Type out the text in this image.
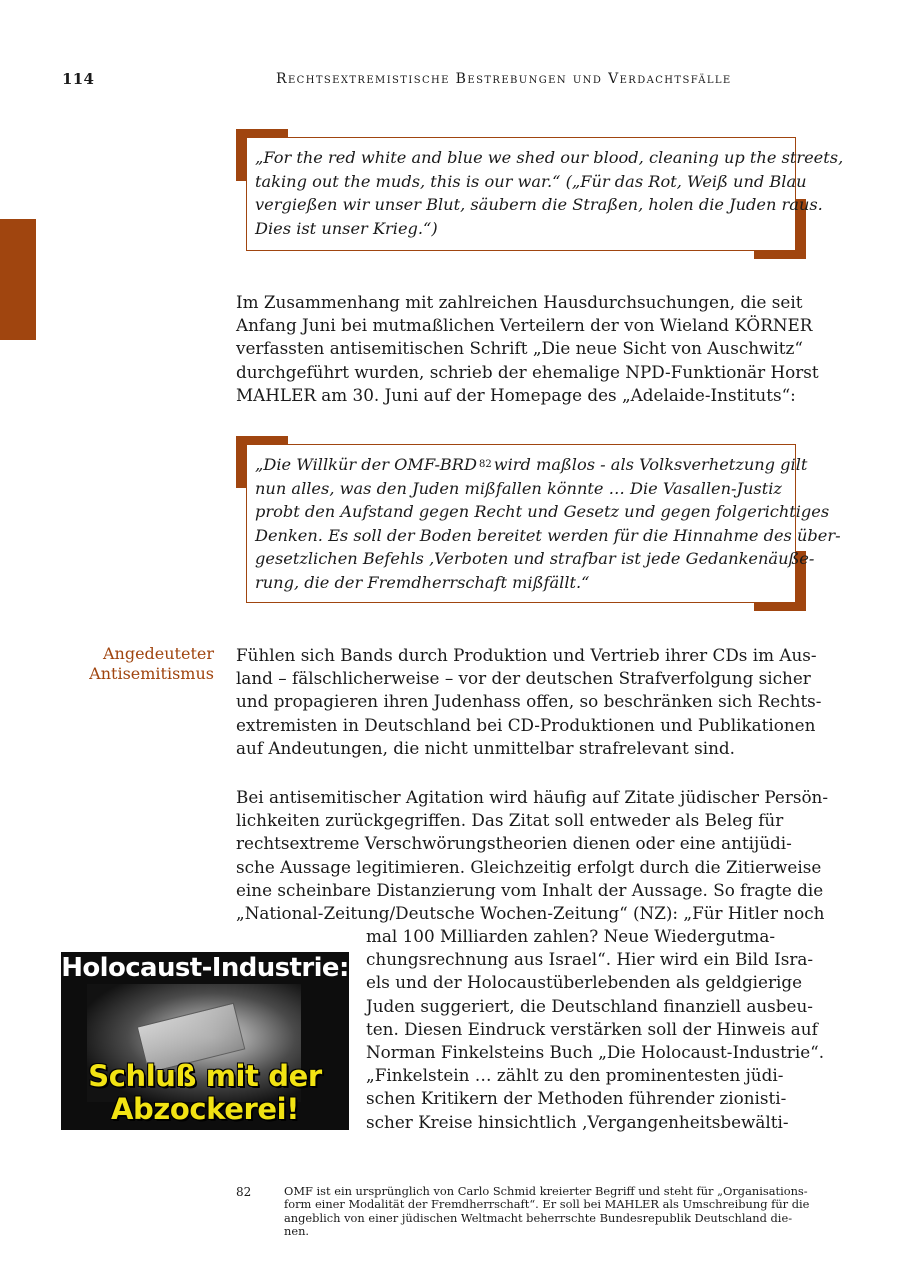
114	Rechtsextremistische Bestrebungen und Verdachtsfälle
„For the red white and blue we shed our blood, cleaning up the streets,
taking out the muds, this is our war.“ („Für das Rot, Weiß und Blau
vergießen wir unser Blut, säubern die Straßen, holen die Juden raus.
Dies ist unser Krieg.“)
Im Zusammenhang mit zahlreichen Hausdurchsuchungen, die seit
Anfang Juni bei mutmaßlichen Verteilern der von Wieland KÖRNER
verfassten antisemitischen Schrift „Die neue Sicht von Auschwitz“
durchgeführt wurden, schrieb der ehemalige NPD-Funktionär Horst
MAHLER am 30. Juni auf der Homepage des „Adelaide-Instituts“:
„Die Willkür der OMF-BRD $^{82}$ wird maßlos - als Volksverhetzung gilt
nun alles, was den Juden mißfallen könnte … Die Vasallen-Justiz
probt den Aufstand gegen Recht und Gesetz und gegen folgerichtiges
Denken. Es soll der Boden bereitet werden für die Hinnahme des über-
gesetzlichen Befehls ‚Verboten und strafbar ist jede Gedankenäuße-
rung, die der Fremdherrschaft mißfällt.“
Angedeuteter
Antisemitismus
Fühlen sich Bands durch Produktion und Vertrieb ihrer CDs im Aus-
land – fälschlicherweise – vor der deutschen Strafverfolgung sicher
und propagieren ihren Judenhass offen, so beschränken sich Rechts-
extremisten in Deutschland bei CD-Produktionen und Publikationen
auf Andeutungen, die nicht unmittelbar strafrelevant sind.
Bei antisemitischer Agitation wird häufig auf Zitate jüdischer Persön-
lichkeiten zurückgegriffen. Das Zitat soll entweder als Beleg für
rechtsextreme Verschwörungstheorien dienen oder eine antijüdi-
sche Aussage legitimieren. Gleichzeitig erfolgt durch die Zitierweise
eine scheinbare Distanzierung vom Inhalt der Aussage. So fragte die
„National-Zeitung/Deutsche Wochen-Zeitung“ (NZ): „Für Hitler noch
mal 100 Milliarden zahlen? Neue Wiedergutma-
chungsrechnung aus Israel“. Hier wird ein Bild Isra-
els und der Holocaustüberlebenden als geldgierige
Juden suggeriert, die Deutschland finanziell ausbeu-
ten. Diesen Eindruck verstärken soll der Hinweis auf
Norman Finkelsteins Buch „Die Holocaust-Industrie“.
„Finkelstein … zählt zu den prominentesten jüdi-
schen Kritikern der Methoden führender zionisti-
scher Kreise hinsichtlich ‚Vergangenheitsbewälti-
Holocaust-Industrie:
Schluß mit der
Abzockerei!
82	OMF ist ein ursprünglich von Carlo Schmid kreierter Begriff und steht für „Organisations-
form einer Modalität der Fremdherrschaft“. Er soll bei MAHLER als Umschreibung für die
angeblich von einer jüdischen Weltmacht beherrschte Bundesrepublik Deutschland die-
nen.
